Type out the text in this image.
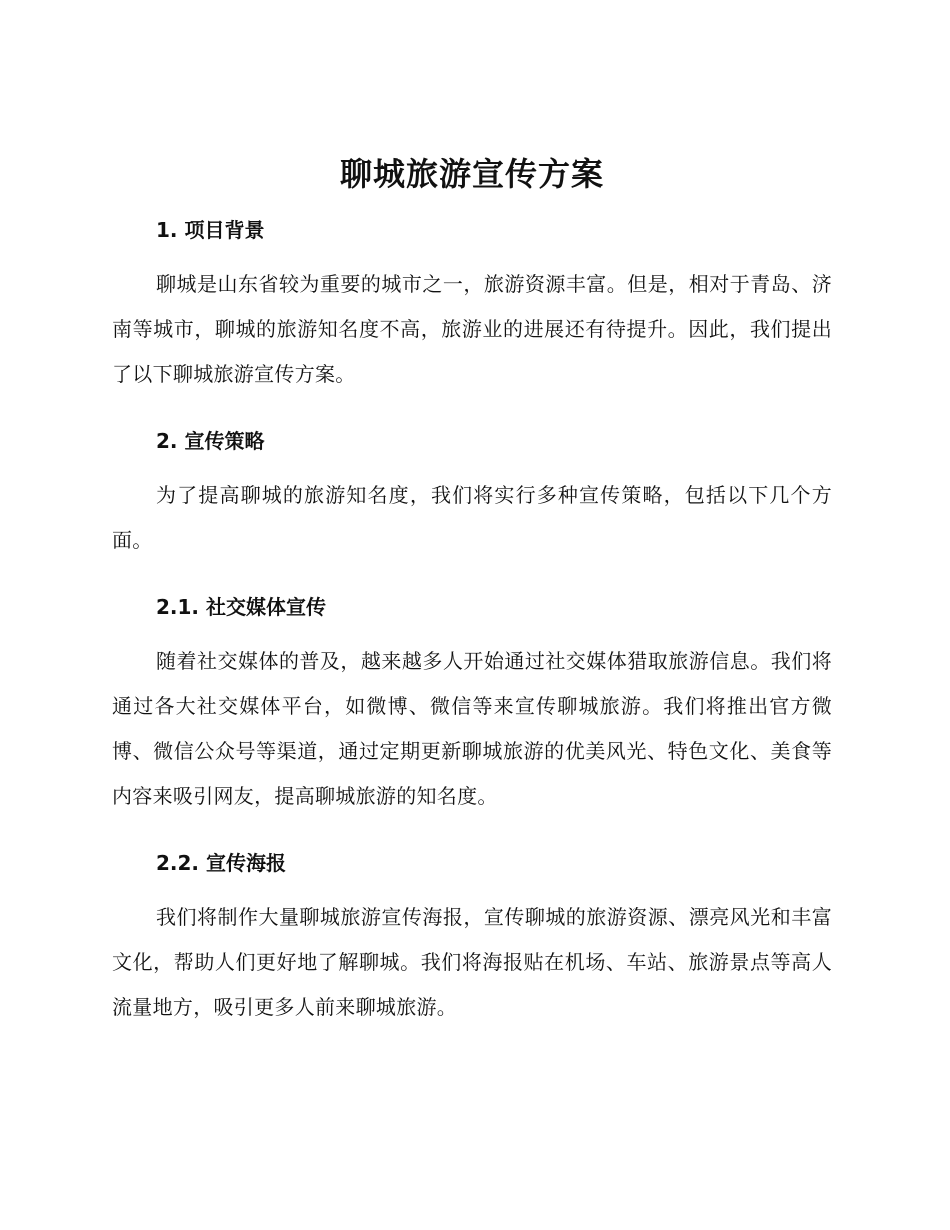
聊城旅游宣传方案
1. 项目背景

聊城是山东省较为重要的城市之一，旅游资源丰富。但是，相对于青岛、济南等城市，聊城的旅游知名度不高，旅游业的进展还有待提升。因此，我们提出了以下聊城旅游宣传方案。

2. 宣传策略

为了提高聊城的旅游知名度，我们将实行多种宣传策略，包括以下几个方面。

2.1. 社交媒体宣传

随着社交媒体的普及，越来越多人开始通过社交媒体猎取旅游信息。我们将通过各大社交媒体平台，如微博、微信等来宣传聊城旅游。我们将推出官方微博、微信公众号等渠道，通过定期更新聊城旅游的优美风光、特色文化、美食等内容来吸引网友，提高聊城旅游的知名度。

2.2. 宣传海报

我们将制作大量聊城旅游宣传海报，宣传聊城的旅游资源、漂亮风光和丰富文化，帮助人们更好地了解聊城。我们将海报贴在机场、车站、旅游景点等高人流量地方，吸引更多人前来聊城旅游。
